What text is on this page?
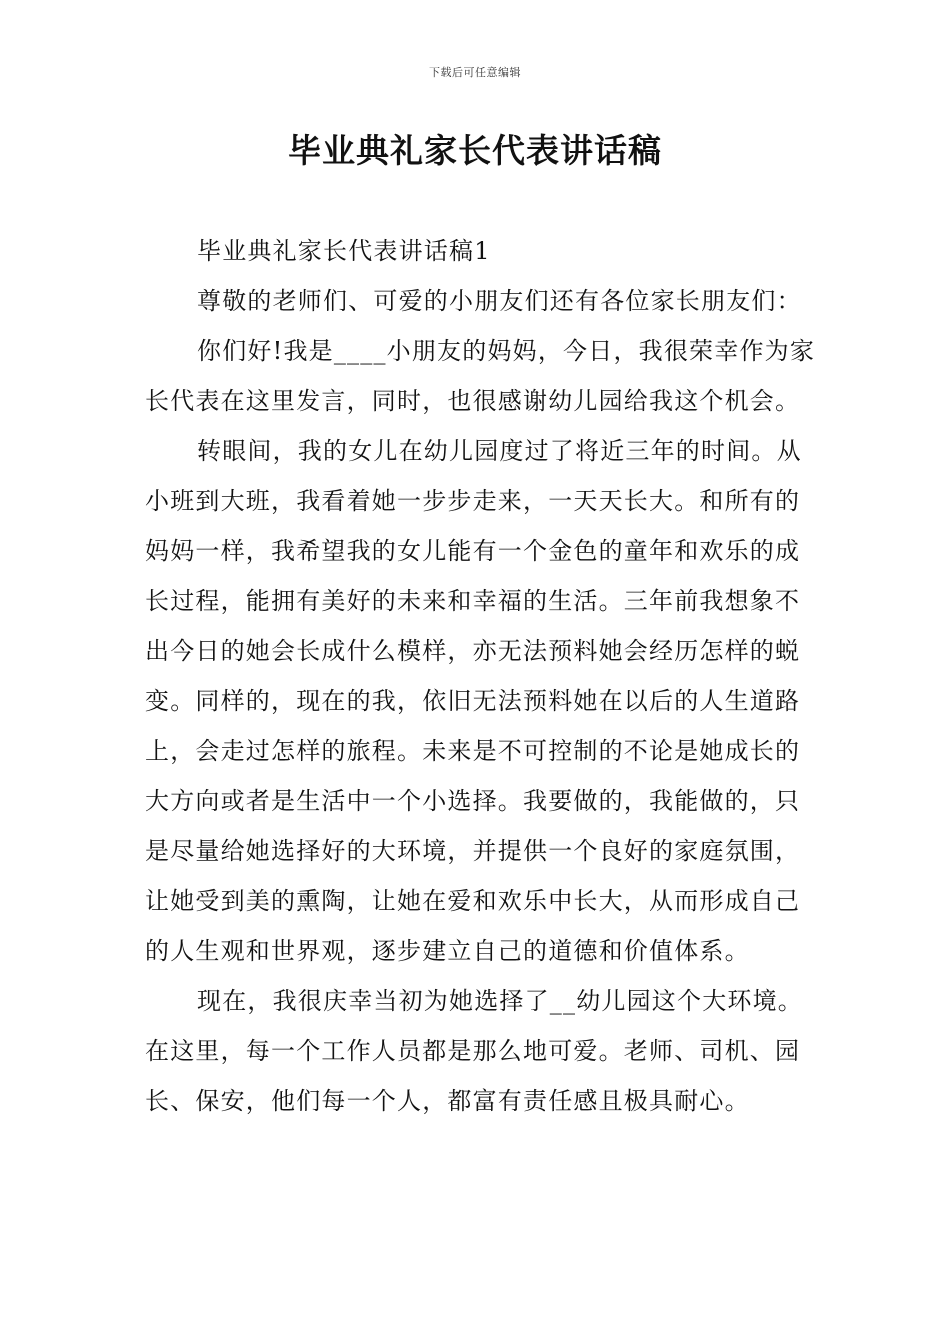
下载后可任意编辑
毕业典礼家长代表讲话稿

毕业典礼家长代表讲话稿1

尊敬的老师们、可爱的小朋友们还有各位家长朋友们：

你们好!我是____小朋友的妈妈，今日，我很荣幸作为家长代表在这里发言，同时，也很感谢幼儿园给我这个机会。

转眼间，我的女儿在幼儿园度过了将近三年的时间。从小班到大班，我看着她一步步走来，一天天长大。和所有的妈妈一样，我希望我的女儿能有一个金色的童年和欢乐的成长过程，能拥有美好的未来和幸福的生活。三年前我想象不出今日的她会长成什么模样，亦无法预料她会经历怎样的蜕变。同样的，现在的我，依旧无法预料她在以后的人生道路上，会走过怎样的旅程。未来是不可控制的不论是她成长的大方向或者是生活中一个小选择。我要做的，我能做的，只是尽量给她选择好的大环境，并提供一个良好的家庭氛围，让她受到美的熏陶，让她在爱和欢乐中长大，从而形成自己的人生观和世界观，逐步建立自己的道德和价值体系。

现在，我很庆幸当初为她选择了__幼儿园这个大环境。在这里，每一个工作人员都是那么地可爱。老师、司机、园长、保安，他们每一个人，都富有责任感且极具耐心。
